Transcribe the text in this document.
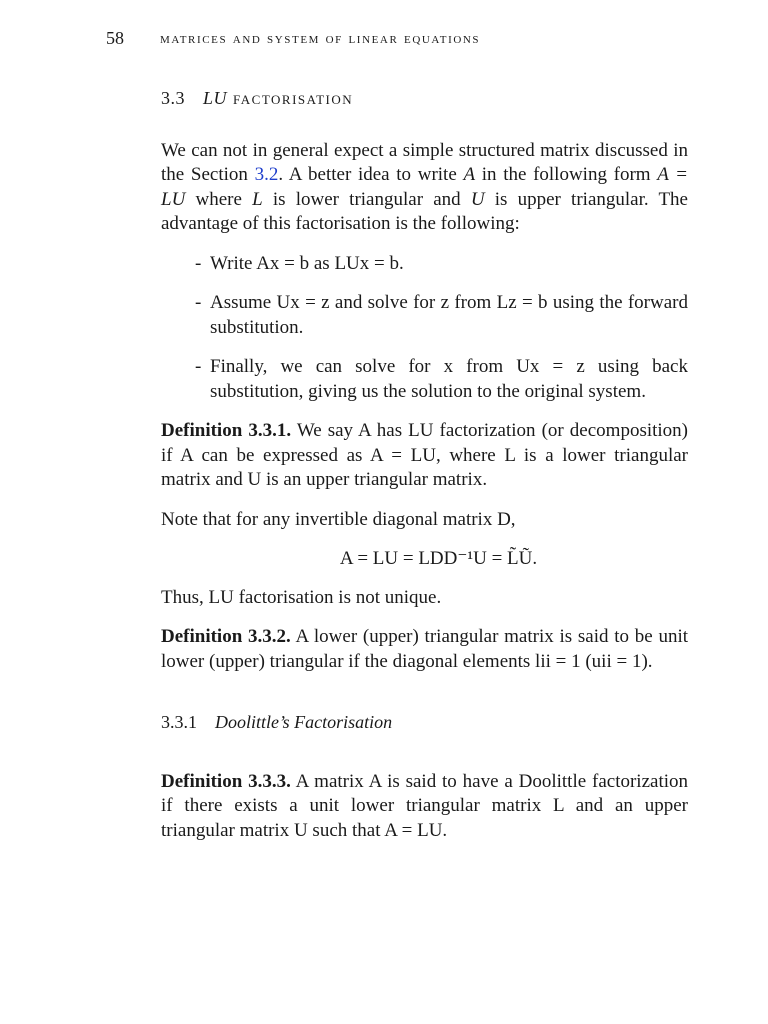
58 matrices and system of linear equations
3.3 LU factorisation

We can not in general expect a simple structured matrix discussed in the Section 3.2. A better idea to write A in the following form A = LU where L is lower triangular and U is upper triangular. The advantage of this factorisation is the following:

- Write Ax = b as LUx = b.
- Assume Ux = z and solve for z from Lz = b using the forward substitution.
- Finally, we can solve for x from Ux = z using back substitution, giving us the solution to the original system.

Definition 3.3.1. We say A has LU factorization (or decomposition) if A can be expressed as A = LU, where L is a lower triangular matrix and U is an upper triangular matrix.

Note that for any invertible diagonal matrix D,

A = LU = LDD⁻¹U = L̃Ũ.

Thus, LU factorisation is not unique.

Definition 3.3.2. A lower (upper) triangular matrix is said to be unit lower (upper) triangular if the diagonal elements lii = 1 (uii = 1).

3.3.1 Doolittle’s Factorisation

Definition 3.3.3. A matrix A is said to have a Doolittle factorization if there exists a unit lower triangular matrix L and an upper triangular matrix U such that A = LU.
